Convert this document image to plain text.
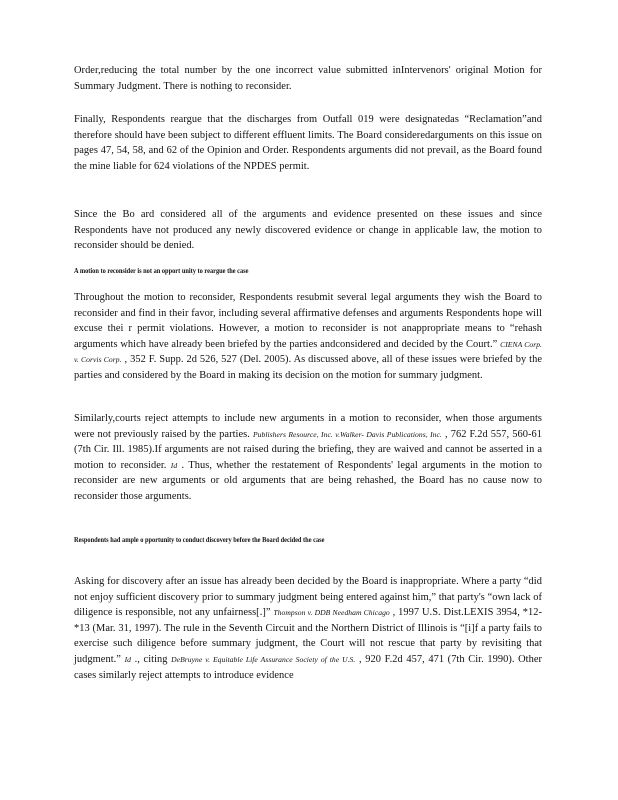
Order,reducing the total number by the one incorrect value submitted inIntervenors' original Motion for Summary Judgment. There is nothing to reconsider.

Finally, Respondents reargue that the discharges from Outfall 019 were designatedas “Reclamation”and therefore should have been subject to different effluent limits. The Board consideredarguments on this issue on pages 47, 54, 58, and 62 of the Opinion and Order. Respondents arguments did not prevail, as the Board found the mine liable for 624 violations of the NPDES permit.

Since the Bo ard considered all of the arguments and evidence presented on these issues and since Respondents have not produced any newly discovered evidence or change in applicable law, the motion to reconsider should be denied.

A motion to reconsider is not an opport unity to reargue the case

Throughout the motion to reconsider, Respondents resubmit several legal arguments they wish the Board to reconsider and find in their favor, including several affirmative defenses and arguments Respondents hope will excuse thei r permit violations. However, a motion to reconsider is not anappropriate means to “rehash arguments which have already been briefed by the parties andconsidered and decided by the Court.” CIENA Corp. v. Corvis Corp. , 352 F. Supp. 2d 526, 527 (Del. 2005). As discussed above, all of these issues were briefed by the parties and considered by the Board in making its decision on the motion for summary judgment.

Similarly,courts reject attempts to include new arguments in a motion to reconsider, when those arguments were not previously raised by the parties. Publishers Resource, Inc. v.Walker- Davis Publications, Inc. , 762 F.2d 557, 560-61 (7th Cir. Ill. 1985).If arguments are not raised during the briefing, they are waived and cannot be asserted in a motion to reconsider. Id . Thus, whether the restatement of Respondents' legal arguments in the motion to reconsider are new arguments or old arguments that are being rehashed, the Board has no cause now to reconsider those arguments.

Respondents had ample o pportunity to conduct discovery before the Board decided the case

Asking for discovery after an issue has already been decided by the Board is inappropriate. Where a party “did not enjoy sufficient discovery prior to summary judgment being entered against him,” that party's “own lack of diligence is responsible, not any unfairness[.]” Thompson v. DDB Needham Chicago , 1997 U.S. Dist.LEXIS 3954, *12-*13 (Mar. 31, 1997). The rule in the Seventh Circuit and the Northern District of Illinois is “[i]f a party fails to exercise such diligence before summary judgment, the Court will not rescue that party by revisiting that judgment.” Id ., citing DeBruyne v. Equitable Life Assurance Society of the U.S. , 920 F.2d 457, 471 (7th Cir. 1990). Other cases similarly reject attempts to introduce evidence
